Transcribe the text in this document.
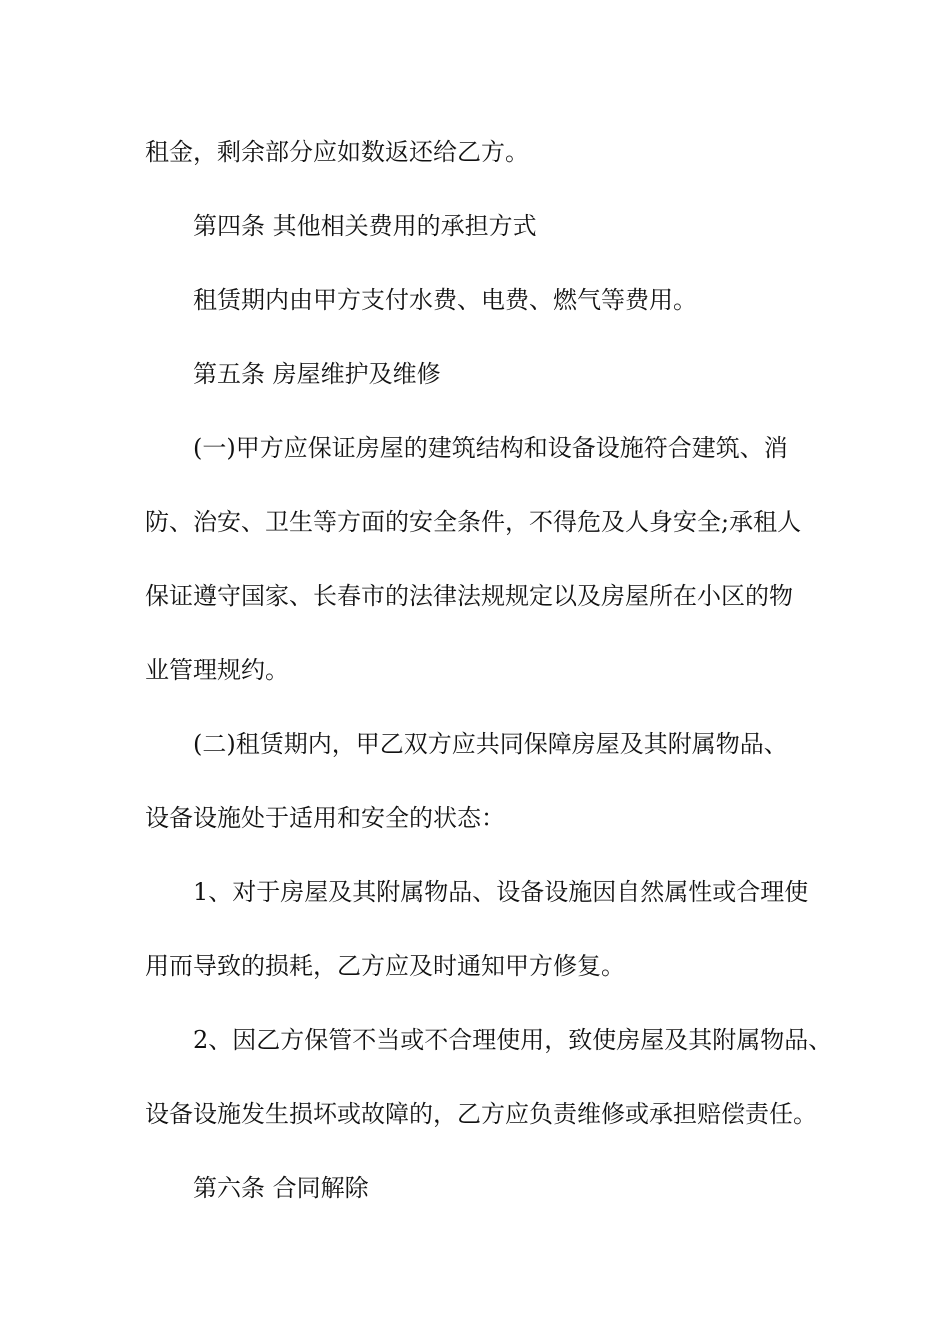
租金，剩余部分应如数返还给乙方。
第四条 其他相关费用的承担方式
租赁期内由甲方支付水费、电费、燃气等费用。
第五条 房屋维护及维修
(一)甲方应保证房屋的建筑结构和设备设施符合建筑、消
防、治安、卫生等方面的安全条件，不得危及人身安全;承租人
保证遵守国家、长春市的法律法规规定以及房屋所在小区的物
业管理规约。
(二)租赁期内，甲乙双方应共同保障房屋及其附属物品、
设备设施处于适用和安全的状态：
1、对于房屋及其附属物品、设备设施因自然属性或合理使
用而导致的损耗，乙方应及时通知甲方修复。
2、因乙方保管不当或不合理使用，致使房屋及其附属物品、
设备设施发生损坏或故障的，乙方应负责维修或承担赔偿责任。
第六条 合同解除
